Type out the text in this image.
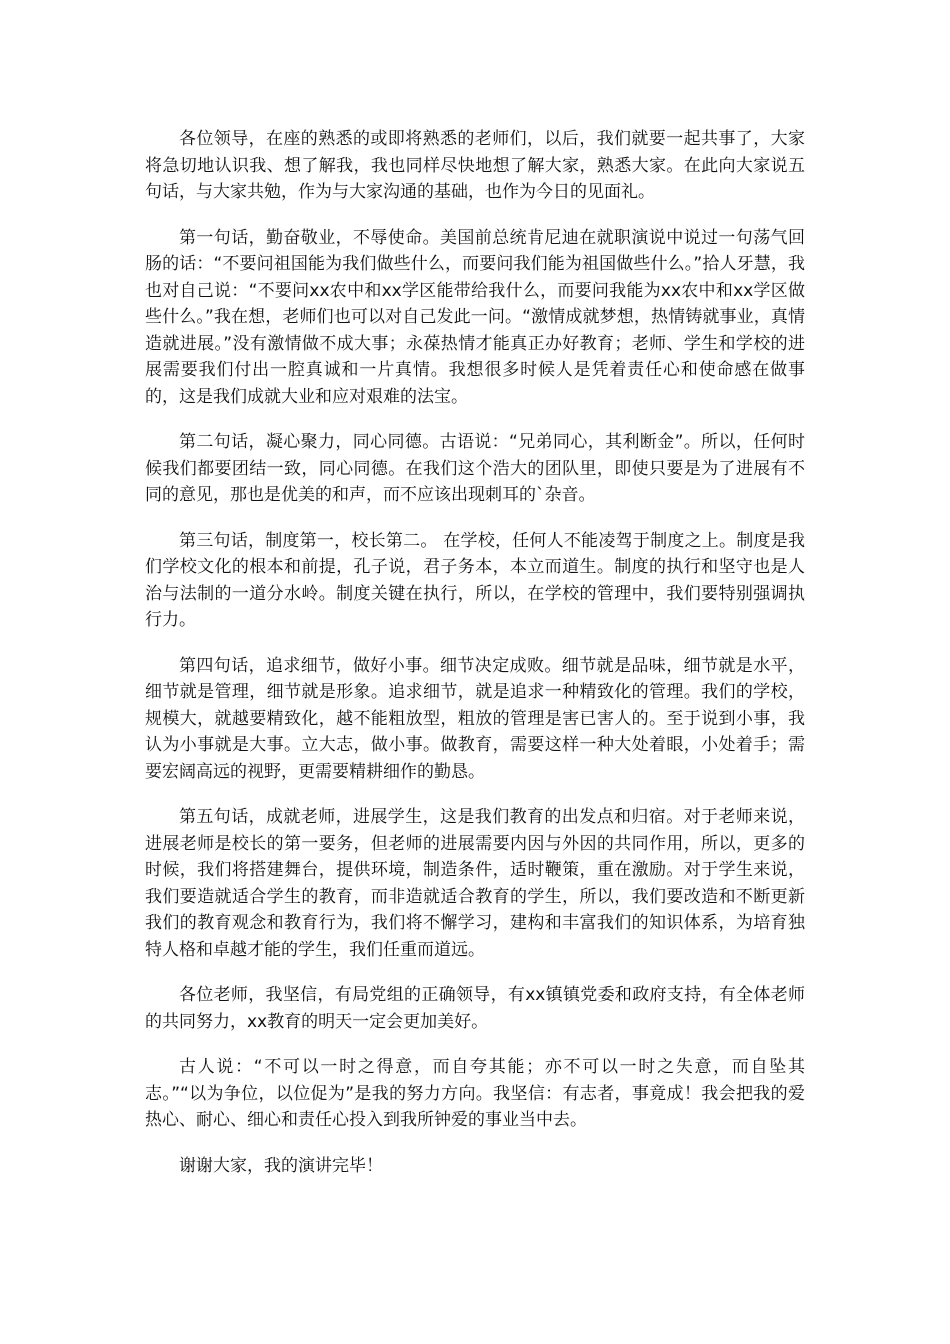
各位领导，在座的熟悉的或即将熟悉的老师们，以后，我们就要一起共事了，大家将急切地认识我、想了解我，我也同样尽快地想了解大家，熟悉大家。在此向大家说五句话，与大家共勉，作为与大家沟通的基础，也作为今日的见面礼。

第一句话，勤奋敬业，不辱使命。美国前总统肯尼迪在就职演说中说过一句荡气回肠的话：“不要问祖国能为我们做些什么，而要问我们能为祖国做些什么。”拾人牙慧，我也对自己说：“不要问xx农中和xx学区能带给我什么，而要问我能为xx农中和xx学区做些什么。”我在想，老师们也可以对自己发此一问。“激情成就梦想，热情铸就事业，真情造就进展。”没有激情做不成大事；永葆热情才能真正办好教育；老师、学生和学校的进展需要我们付出一腔真诚和一片真情。我想很多时候人是凭着责任心和使命感在做事的，这是我们成就大业和应对艰难的法宝。

第二句话，凝心聚力，同心同德。古语说：“兄弟同心，其利断金”。所以，任何时候我们都要团结一致，同心同德。在我们这个浩大的团队里，即使只要是为了进展有不同的意见，那也是优美的和声，而不应该出现刺耳的`杂音。

第三句话，制度第一，校长第二。 在学校，任何人不能凌驾于制度之上。制度是我们学校文化的根本和前提，孔子说，君子务本，本立而道生。制度的执行和坚守也是人治与法制的一道分水岭。制度关键在执行，所以，在学校的管理中，我们要特别强调执行力。

第四句话，追求细节，做好小事。细节决定成败。细节就是品味，细节就是水平，细节就是管理，细节就是形象。追求细节，就是追求一种精致化的管理。我们的学校，规模大，就越要精致化，越不能粗放型，粗放的管理是害已害人的。至于说到小事，我认为小事就是大事。立大志，做小事。做教育，需要这样一种大处着眼，小处着手；需要宏阔高远的视野，更需要精耕细作的勤恳。

第五句话，成就老师，进展学生，这是我们教育的出发点和归宿。对于老师来说，进展老师是校长的第一要务，但老师的进展需要内因与外因的共同作用，所以，更多的时候，我们将搭建舞台，提供环境，制造条件，适时鞭策，重在激励。对于学生来说，我们要造就适合学生的教育，而非造就适合教育的学生，所以，我们要改造和不断更新我们的教育观念和教育行为，我们将不懈学习，建构和丰富我们的知识体系，为培育独特人格和卓越才能的学生，我们任重而道远。

各位老师，我坚信，有局党组的正确领导，有xx镇镇党委和政府支持，有全体老师的共同努力，xx教育的明天一定会更加美好。

古人说：“不可以一时之得意，而自夸其能；亦不可以一时之失意，而自坠其志。”“以为争位，以位促为”是我的努力方向。我坚信：有志者，事竟成！我会把我的爱热心、耐心、细心和责任心投入到我所钟爱的事业当中去。

谢谢大家，我的演讲完毕！
